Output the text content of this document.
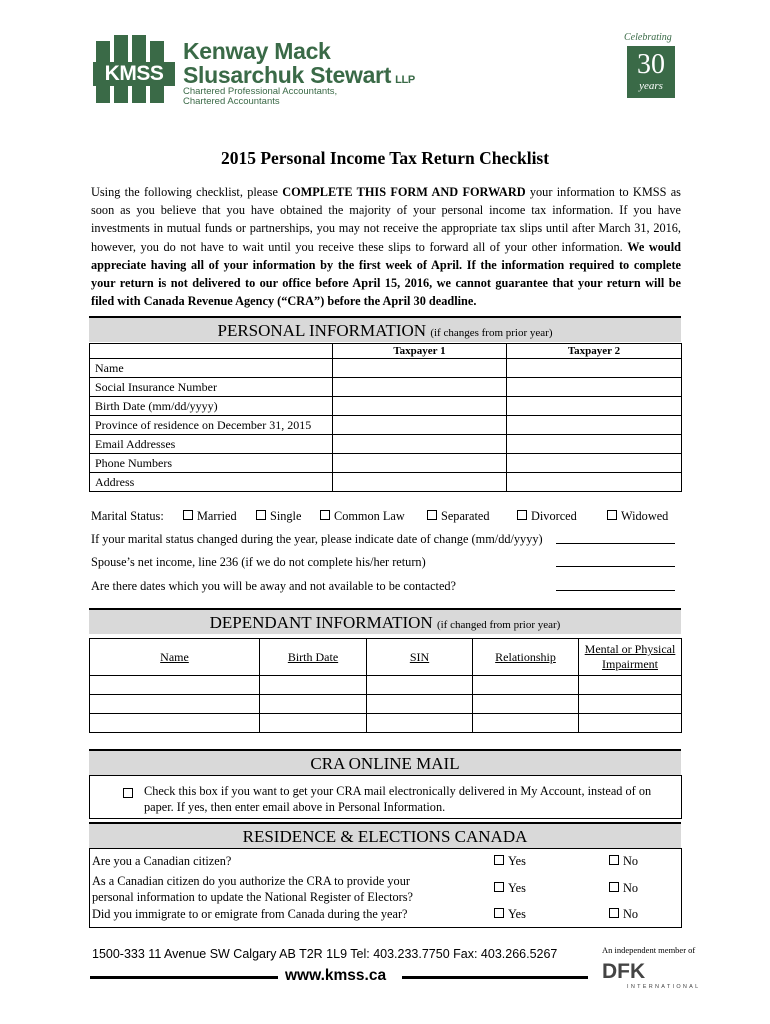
KMSS
Kenway Mack
Slusarchuk Stewart LLP
Chartered Professional Accountants,
Chartered Accountants
Celebrating
30
years
2015 Personal Income Tax Return Checklist
Using the following checklist, please COMPLETE THIS FORM AND FORWARD your information to KMSS as soon as you believe that you have obtained the majority of your personal income tax information. If you have investments in mutual funds or partnerships, you may not receive the appropriate tax slips until after March 31, 2016, however, you do not have to wait until you receive these slips to forward all of your other information. We would appreciate having all of your information by the first week of April. If the information required to complete your return is not delivered to our office before April 15, 2016, we cannot guarantee that your return will be filed with Canada Revenue Agency (“CRA”) before the April 30 deadline.
PERSONAL INFORMATION (if changes from prior year)
	Taxpayer 1	Taxpayer 2
Name		
Social Insurance Number		
Birth Date (mm/dd/yyyy)		
Province of residence on December 31, 2015		
Email Addresses		
Phone Numbers		
Address		
Marital Status:	Married	Single	Common Law	Separated	Divorced	Widowed
If your marital status changed during the year, please indicate date of change (mm/dd/yyyy)
Spouse’s net income, line 236 (if we do not complete his/her return)
Are there dates which you will be away and not available to be contacted?
DEPENDANT INFORMATION (if changed from prior year)
Name	Birth Date	SIN	Relationship	Mental or Physical Impairment

CRA ONLINE MAIL
Check this box if you want to get your CRA mail electronically delivered in My Account, instead of on paper. If yes, then enter email above in Personal Information.
RESIDENCE & ELECTIONS CANADA
Are you a Canadian citizen?	Yes	No
As a Canadian citizen do you authorize the CRA to provide your personal information to update the National Register of Electors?
Yes	No
Did you immigrate to or emigrate from Canada during the year?	Yes	No
1500-333 11 Avenue SW Calgary AB T2R 1L9 Tel: 403.233.7750 Fax: 403.266.5267
www.kmss.ca
An independent member of
DFK
INTERNATIONAL
